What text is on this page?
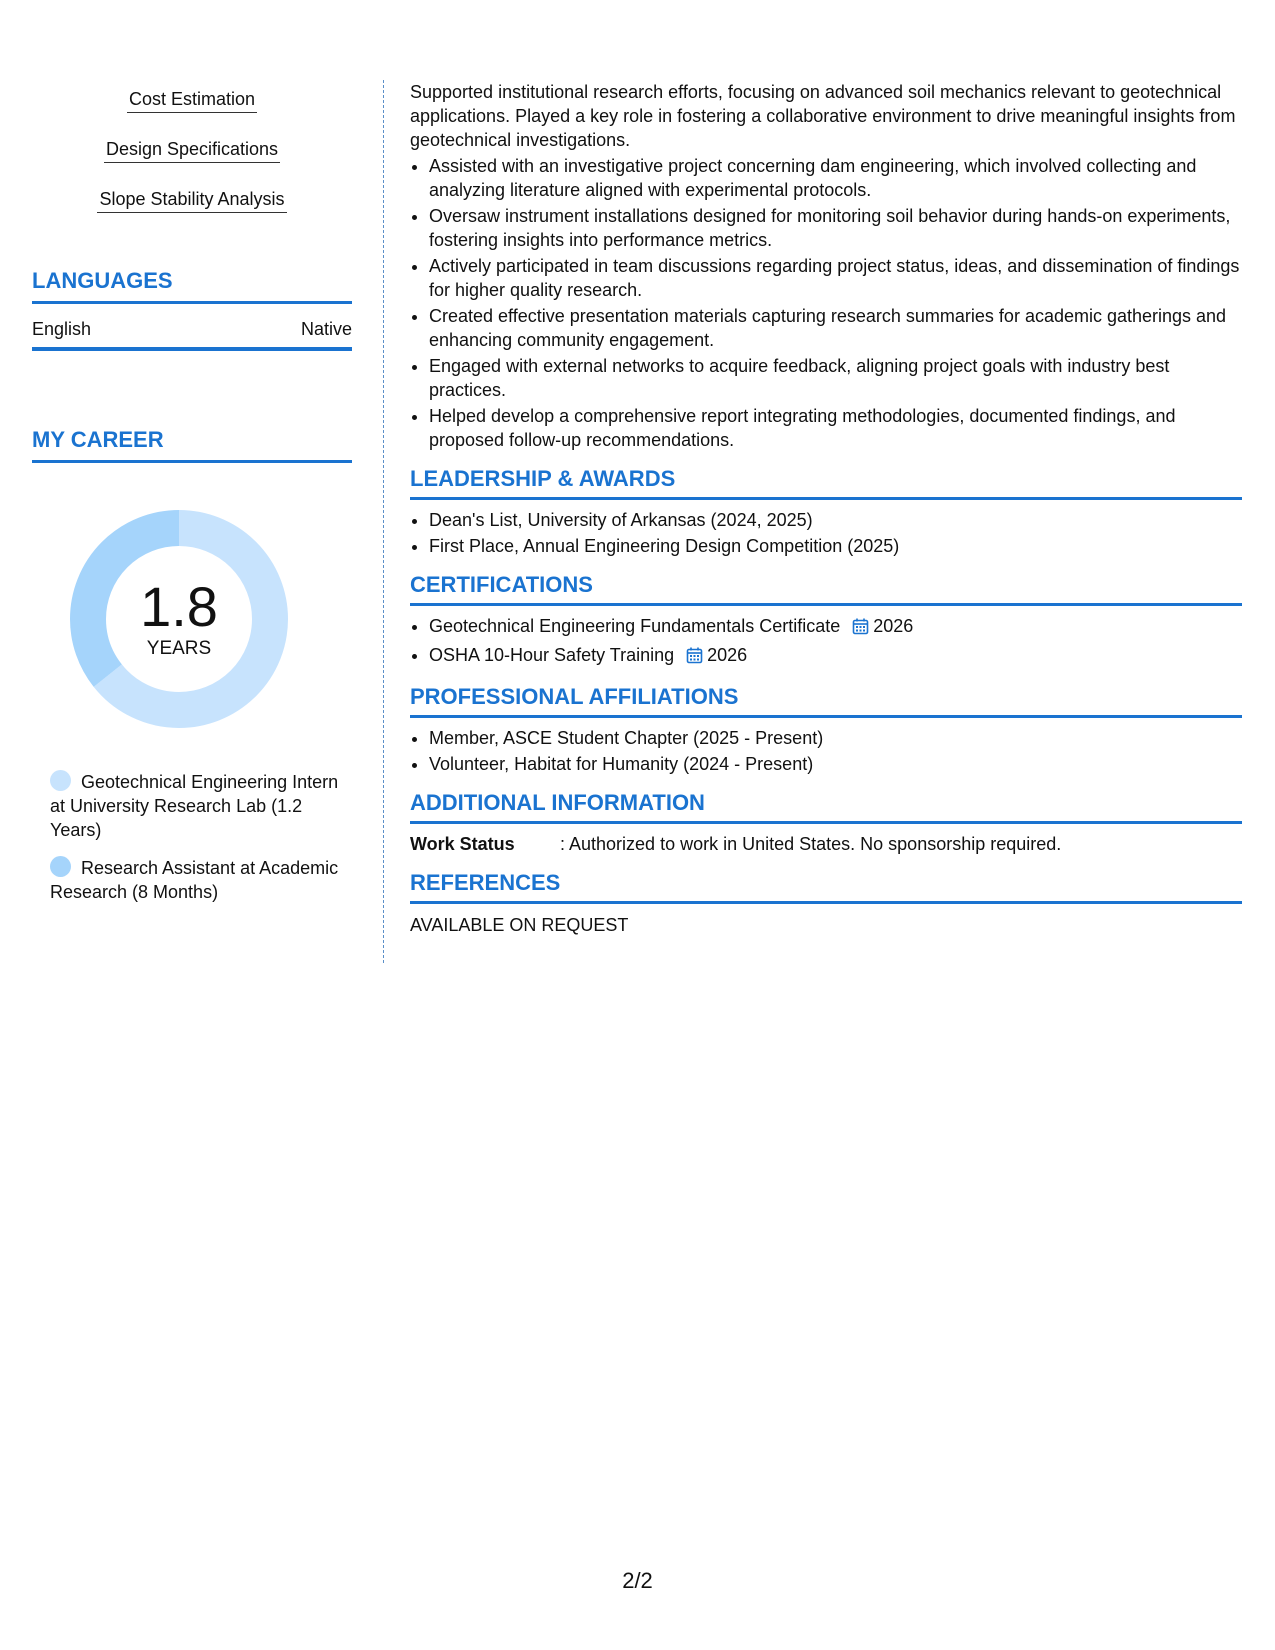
Cost Estimation
Design Specifications
Slope Stability Analysis
LANGUAGES
English	Native
MY CAREER
1.8
YEARS
Geotechnical Engineering Intern at University Research Lab (1.2 Years)
Research Assistant at Academic Research (8 Months)

Supported institutional research efforts, focusing on advanced soil mechanics relevant to geotechnical applications. Played a key role in fostering a collaborative environment to drive meaningful insights from geotechnical investigations.

• Assisted with an investigative project concerning dam engineering, which involved collecting and analyzing literature aligned with experimental protocols.
• Oversaw instrument installations designed for monitoring soil behavior during hands-on experiments, fostering insights into performance metrics.
• Actively participated in team discussions regarding project status, ideas, and dissemination of findings for higher quality research.
• Created effective presentation materials capturing research summaries for academic gatherings and enhancing community engagement.
• Engaged with external networks to acquire feedback, aligning project goals with industry best practices.
• Helped develop a comprehensive report integrating methodologies, documented findings, and proposed follow-up recommendations.
LEADERSHIP & AWARDS
• Dean's List, University of Arkansas (2024, 2025)
• First Place, Annual Engineering Design Competition (2025)
CERTIFICATIONS
• Geotechnical Engineering Fundamentals Certificate 2026
• OSHA 10-Hour Safety Training 2026
PROFESSIONAL AFFILIATIONS
• Member, ASCE Student Chapter (2025 - Present)
• Volunteer, Habitat for Humanity (2024 - Present)
ADDITIONAL INFORMATION
Work Status	: Authorized to work in United States. No sponsorship required.
REFERENCES
AVAILABLE ON REQUEST
2/2
